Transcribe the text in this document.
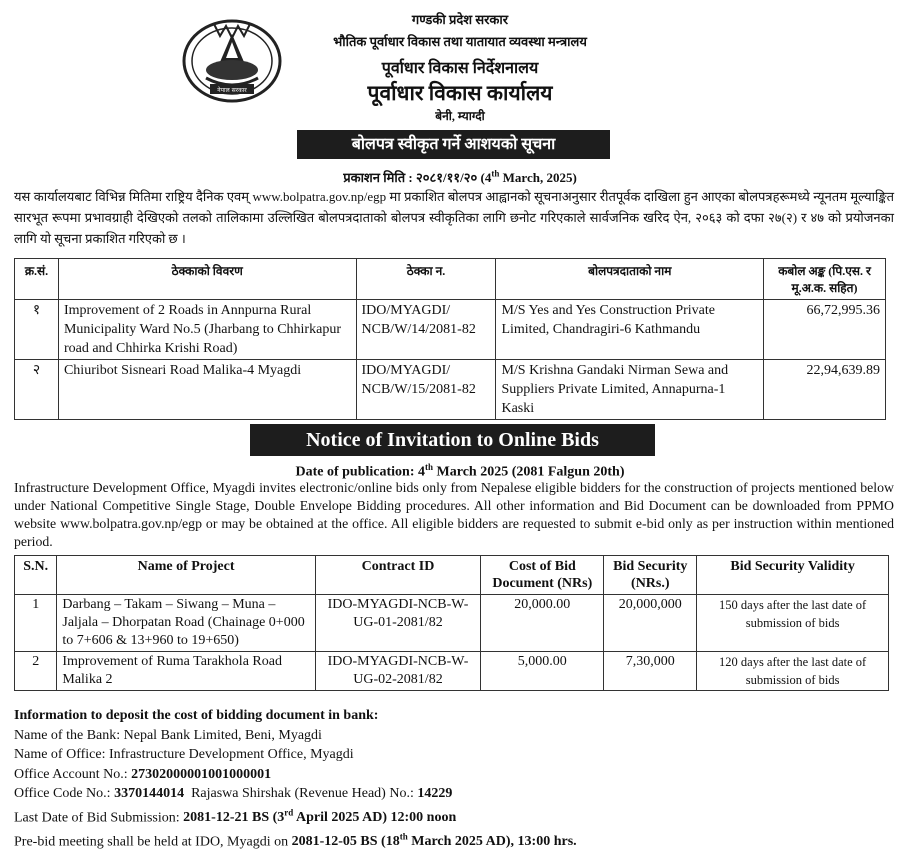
नेपाल सरकार
गण्डकी प्रदेश सरकार
भौतिक पूर्वाधार विकास तथा यातायात व्यवस्था मन्त्रालय
पूर्वाधार विकास निर्देशनालय
पूर्वाधार विकास कार्यालय
बेनी, म्याग्दी
बोलपत्र स्वीकृत गर्ने आशयको सूचना
प्रकाशन मिति : २०८१/११/२० (4th March, 2025)
यस कार्यालयबाट विभिन्न मितिमा राष्ट्रिय दैनिक एवम् www.bolpatra.gov.np/egp मा प्रकाशित बोलपत्र आह्वानको सूचनाअनुसार रीतपूर्वक दाखिला हुन आएका बोलपत्रहरूमध्ये न्यूनतम मूल्याङ्कित सारभूत रूपमा प्रभावग्राही देखिएको तलको तालिकामा उल्लिखित बोलपत्रदाताको बोलपत्र स्वीकृतिका लागि छनोट गरिएकाले सार्वजनिक खरिद ऐन, २०६३ को दफा २७(२) र ४७ को प्रयोजनका लागि यो सूचना प्रकाशित गरिएको छ ।
क्र.सं.	ठेक्काको विवरण	ठेक्का न.	बोलपत्रदाताको नाम	कबोल अङ्क (पि.एस. र मू.अ.क. सहित)
१	Improvement of 2 Roads in Annpurna Rural Municipality Ward No.5 (Jharbang to Chhirkapur road and Chhirka Krishi Road)	IDO/MYAGDI/ NCB/W/14/2081-82	M/S Yes and Yes Construction Private Limited, Chandragiri-6 Kathmandu	66,72,995.36
२	Chiuribot Sisneari Road Malika-4 Myagdi	IDO/MYAGDI/ NCB/W/15/2081-82	M/S Krishna Gandaki Nirman Sewa and Suppliers Private Limited, Annapurna-1 Kaski	22,94,639.89
Notice of Invitation to Online Bids
Date of publication: 4th March 2025 (2081 Falgun 20th)
Infrastructure Development Office, Myagdi invites electronic/online bids only from Nepalese eligible bidders for the construction of projects mentioned below under National Competitive Single Stage, Double Envelope Bidding procedures. All other information and Bid Document can be downloaded from PPMO website www.bolpatra.gov.np/egp or may be obtained at the office. All eligible bidders are requested to submit e-bid only as per instruction within mentioned period.
S.N.	Name of Project	Contract ID	Cost of Bid Document (NRs)	Bid Security (NRs.)	Bid Security Validity
1	Darbang – Takam – Siwang – Muna – Jaljala – Dhorpatan Road (Chainage 0+000 to 7+606 & 13+960 to 19+650)	IDO-MYAGDI-NCB-W-UG-01-2081/82	20,000.00	20,000,000	150 days after the last date of submission of bids
2	Improvement of Ruma Tarakhola Road Malika 2	IDO-MYAGDI-NCB-W-UG-02-2081/82	5,000.00	7,30,000	120 days after the last date of submission of bids
Information to deposit the cost of bidding document in bank:
Name of the Bank: Nepal Bank Limited, Beni, Myagdi
Name of Office: Infrastructure Development Office, Myagdi
Office Account No.: 27302000001001000001
Office Code No.: 3370144014  Rajaswa Shirshak (Revenue Head) No.: 14229
Last Date of Bid Submission: 2081-12-21 BS (3rd April 2025 AD) 12:00 noon
Pre-bid meeting shall be held at IDO, Myagdi on 2081-12-05 BS (18th March 2025 AD), 13:00 hrs.
